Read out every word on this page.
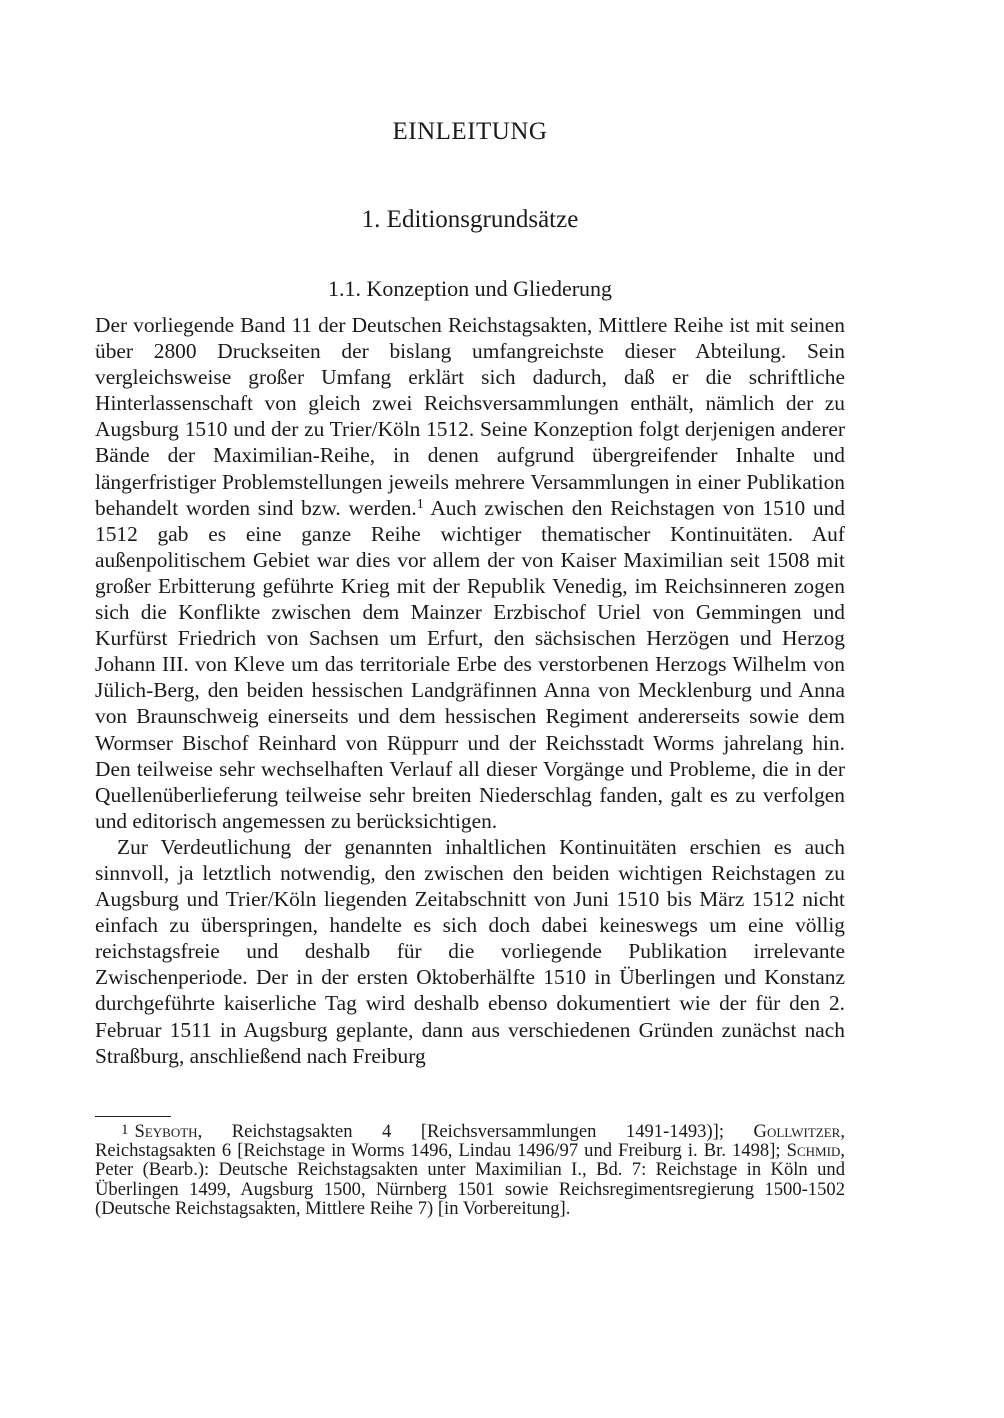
EINLEITUNG
1. Editionsgrundsätze
1.1. Konzeption und Gliederung

Der vorliegende Band 11 der Deutschen Reichstagsakten, Mittlere Reihe ist mit seinen über 2800 Druckseiten der bislang umfangreichste dieser Abteilung. Sein vergleichsweise großer Umfang erklärt sich dadurch, daß er die schriftliche Hinterlassenschaft von gleich zwei Reichsversammlungen enthält, nämlich der zu Augsburg 1510 und der zu Trier/Köln 1512. Seine Konzeption folgt derjenigen anderer Bände der Maximilian-Reihe, in denen aufgrund übergreifender Inhalte und längerfristiger Problemstellungen jeweils mehrere Versammlungen in einer Publikation behandelt worden sind bzw. werden.$^1$ Auch zwischen den Reichstagen von 1510 und 1512 gab es eine ganze Reihe wichtiger thematischer Kontinuitäten. Auf außenpolitischem Gebiet war dies vor allem der von Kaiser Maximilian seit 1508 mit großer Erbitterung geführte Krieg mit der Republik Venedig, im Reichsinneren zogen sich die Konflikte zwischen dem Mainzer Erzbischof Uriel von Gemmingen und Kurfürst Friedrich von Sachsen um Erfurt, den sächsischen Herzögen und Herzog Johann III. von Kleve um das territoriale Erbe des verstorbenen Herzogs Wilhelm von Jülich-Berg, den beiden hessischen Landgräfinnen Anna von Mecklenburg und Anna von Braunschweig einerseits und dem hessischen Regiment andererseits sowie dem Wormser Bischof Reinhard von Rüppurr und der Reichsstadt Worms jahrelang hin. Den teilweise sehr wechselhaften Verlauf all dieser Vorgänge und Probleme, die in der Quellenüberlieferung teilweise sehr breiten Niederschlag fanden, galt es zu verfolgen und editorisch angemessen zu berücksichtigen.

Zur Verdeutlichung der genannten inhaltlichen Kontinuitäten erschien es auch sinnvoll, ja letztlich notwendig, den zwischen den beiden wichtigen Reichstagen zu Augsburg und Trier/Köln liegenden Zeitabschnitt von Juni 1510 bis März 1512 nicht einfach zu überspringen, handelte es sich doch dabei keineswegs um eine völlig reichstagsfreie und deshalb für die vorliegende Publikation irrelevante Zwischenperiode. Der in der ersten Oktoberhälfte 1510 in Überlingen und Konstanz durchgeführte kaiserliche Tag wird deshalb ebenso dokumentiert wie der für den 2. Februar 1511 in Augsburg geplante, dann aus verschiedenen Gründen zunächst nach Straßburg, anschließend nach Freiburg

1 Seyboth, Reichstagsakten 4 [Reichsversammlungen 1491-1493)]; Gollwitzer, Reichstagsakten 6 [Reichstage in Worms 1496, Lindau 1496/97 und Freiburg i. Br. 1498]; Schmid, Peter (Bearb.): Deutsche Reichstagsakten unter Maximilian I., Bd. 7: Reichstage in Köln und Überlingen 1499, Augsburg 1500, Nürnberg 1501 sowie Reichsregimentsregierung 1500-1502 (Deutsche Reichstagsakten, Mittlere Reihe 7) [in Vorbereitung].
